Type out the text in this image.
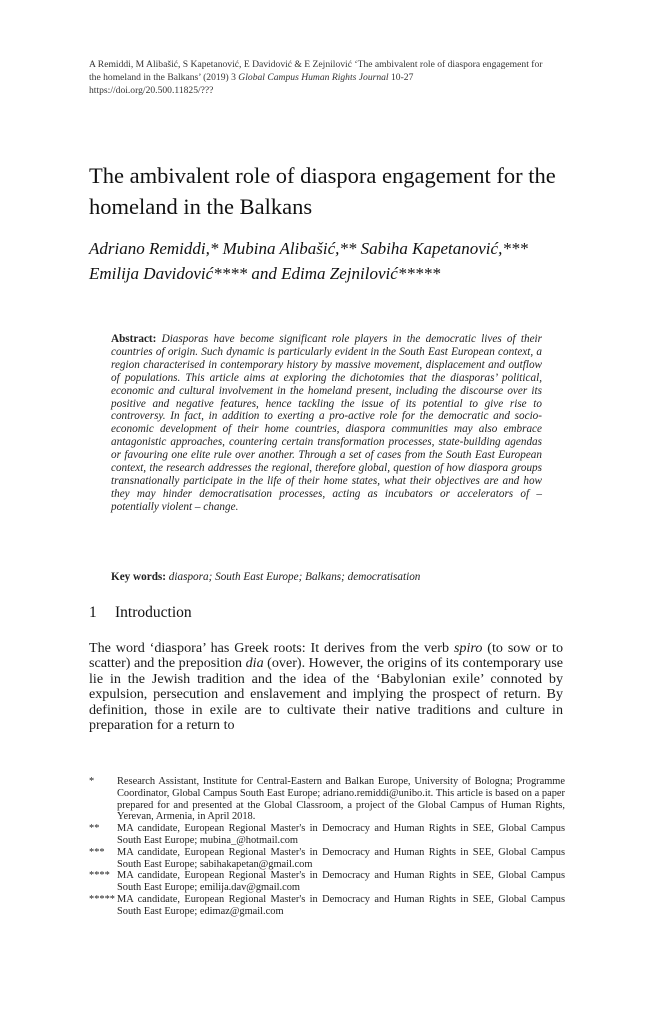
A Remiddi, M Alibašić, S Kapetanović, E Davidović & E Zejnilović ‘The ambivalent role of diaspora engagement for the homeland in the Balkans’ (2019) 3 Global Campus Human Rights Journal 10-27
https://doi.org/20.500.11825/???
The ambivalent role of diaspora engagement for the homeland in the Balkans
Adriano Remiddi,* Mubina Alibašić,** Sabiha Kapetanović,*** Emilija Davidović**** and Edima Zejnilović*****
Abstract: Diasporas have become significant role players in the democratic lives of their countries of origin. Such dynamic is particularly evident in the South East European context, a region characterised in contemporary history by massive movement, displacement and outflow of populations. This article aims at exploring the dichotomies that the diasporas’ political, economic and cultural involvement in the homeland present, including the discourse over its positive and negative features, hence tackling the issue of its potential to give rise to controversy. In fact, in addition to exerting a pro-active role for the democratic and socio-economic development of their home countries, diaspora communities may also embrace antagonistic approaches, countering certain transformation processes, state-building agendas or favouring one elite rule over another. Through a set of cases from the South East European context, the research addresses the regional, therefore global, question of how diaspora groups transnationally participate in the life of their home states, what their objectives are and how they may hinder democratisation processes, acting as incubators or accelerators of – potentially violent – change.
Key words: diaspora; South East Europe; Balkans; democratisation
1 Introduction
The word ‘diaspora’ has Greek roots: It derives from the verb spiro (to sow or to scatter) and the preposition dia (over). However, the origins of its contemporary use lie in the Jewish tradition and the idea of the ‘Babylonian exile’ connoted by expulsion, persecution and enslavement and implying the prospect of return. By definition, those in exile are to cultivate their native traditions and culture in preparation for a return to
*	Research Assistant, Institute for Central-Eastern and Balkan Europe, University of Bologna; Programme Coordinator, Global Campus South East Europe; adriano.remiddi@unibo.it. This article is based on a paper prepared for and presented at the Global Classroom, a project of the Global Campus of Human Rights, Yerevan, Armenia, in April 2018.
**	MA candidate, European Regional Master's in Democracy and Human Rights in SEE, Global Campus South East Europe; mubina_@hotmail.com
***	MA candidate, European Regional Master's in Democracy and Human Rights in SEE, Global Campus South East Europe; sabihakapetan@gmail.com
**** MA candidate, European Regional Master's in Democracy and Human Rights in SEE, Global Campus South East Europe; emilija.dav@gmail.com
***** MA candidate, European Regional Master's in Democracy and Human Rights in SEE, Global Campus South East Europe; edimaz@gmail.com
